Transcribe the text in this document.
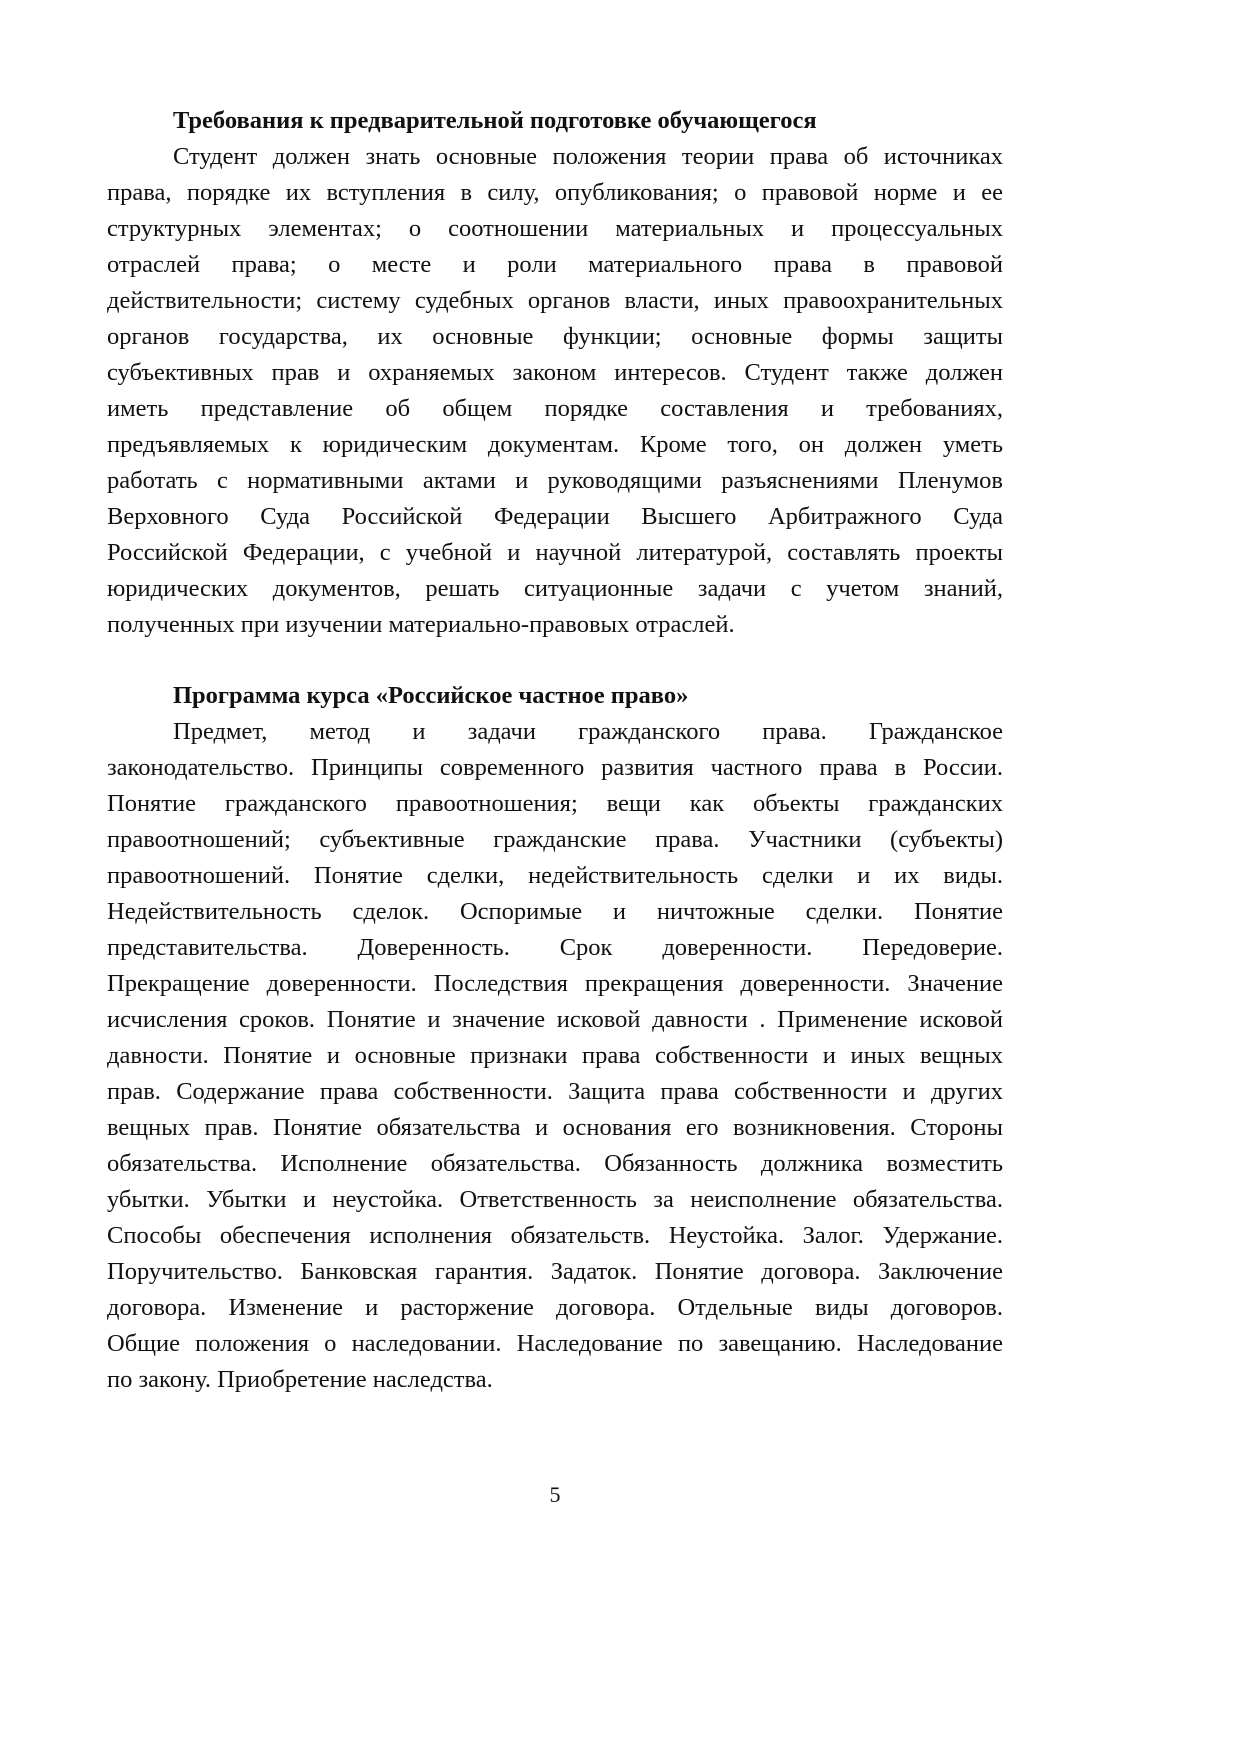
Требования к предварительной подготовке обучающегося
Студент должен знать основные положения теории права об источниках
права, порядке их вступления в силу, опубликования; о правовой норме и ее
структурных элементах; о соотношении материальных и процессуальных
отраслей права; о месте и роли материального права в правовой
действительности; систему судебных органов власти, иных правоохранительных
органов государства, их основные функции; основные формы защиты
субъективных прав и охраняемых законом интересов. Студент также должен
иметь представление об общем порядке составления и требованиях,
предъявляемых к юридическим документам. Кроме того, он должен уметь
работать с нормативными актами и руководящими разъяснениями Пленумов
Верховного Суда Российской Федерации Высшего Арбитражного Суда
Российской Федерации, с учебной и научной литературой, составлять проекты
юридических документов, решать ситуационные задачи с учетом знаний,
полученных при изучении материально-правовых отраслей.
Программа курса «Российское частное право»
Предмет, метод и задачи гражданского права. Гражданское
законодательство. Принципы современного развития частного права в России.
Понятие гражданского правоотношения; вещи как объекты гражданских
правоотношений; субъективные гражданские права. Участники (субъекты)
правоотношений. Понятие сделки, недействительность сделки и их виды.
Недействительность сделок. Оспоримые и ничтожные сделки. Понятие
представительства. Доверенность. Срок доверенности. Передоверие.
Прекращение доверенности. Последствия прекращения доверенности. Значение
исчисления сроков. Понятие и значение исковой давности . Применение исковой
давности. Понятие и основные признаки права собственности и иных вещных
прав. Содержание права собственности. Защита права собственности и других
вещных прав. Понятие обязательства и основания его возникновения. Стороны
обязательства. Исполнение обязательства. Обязанность должника возместить
убытки. Убытки и неустойка. Ответственность за неисполнение обязательства.
Способы обеспечения исполнения обязательств. Неустойка. Залог. Удержание.
Поручительство. Банковская гарантия. Задаток. Понятие договора. Заключение
договора. Изменение и расторжение договора. Отдельные виды договоров.
Общие положения о наследовании. Наследование по завещанию. Наследование
по закону. Приобретение наследства.
5
